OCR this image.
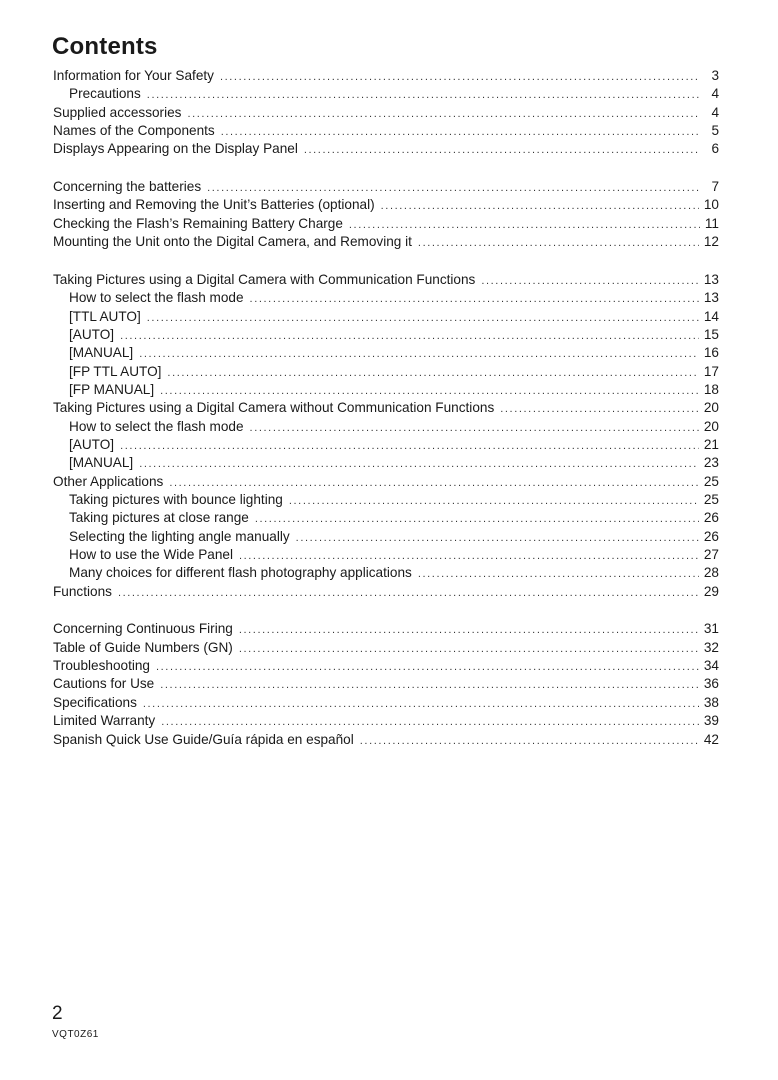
Contents
Information for Your Safety .....	3
Precautions .....	4
Supplied accessories .....	4
Names of the Components .....	5
Displays Appearing on the Display Panel .....	6
Concerning the batteries .....	7
Inserting and Removing the Unit’s Batteries (optional) .....	10
Checking the Flash’s Remaining Battery Charge .....	11
Mounting the Unit onto the Digital Camera, and Removing it .....	12
Taking Pictures using a Digital Camera with Communication Functions .....	13
How to select the flash mode .....	13
[TTL AUTO] .....	14
[AUTO] .....	15
[MANUAL] .....	16
[FP TTL AUTO] .....	17
[FP MANUAL] .....	18
Taking Pictures using a Digital Camera without Communication Functions .....	20
How to select the flash mode .....	20
[AUTO] .....	21
[MANUAL] .....	23
Other Applications .....	25
Taking pictures with bounce lighting .....	25
Taking pictures at close range .....	26
Selecting the lighting angle manually .....	26
How to use the Wide Panel .....	27
Many choices for different flash photography applications .....	28
Functions .....	29
Concerning Continuous Firing .....	31
Table of Guide Numbers (GN) .....	32
Troubleshooting .....	34
Cautions for Use .....	36
Specifications .....	38
Limited Warranty .....	39
Spanish Quick Use Guide/Guía rápida en español .....	42
2
VQT0Z61
